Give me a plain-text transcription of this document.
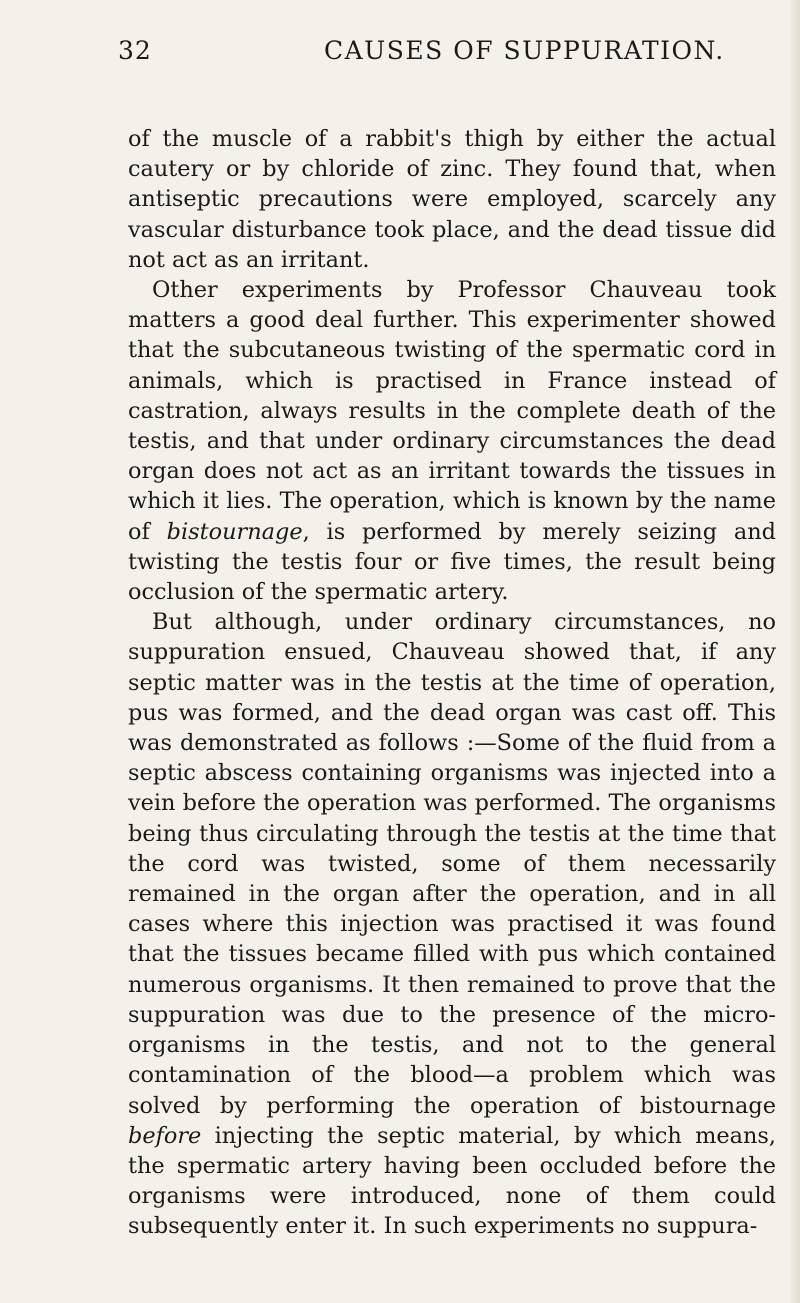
32	CAUSES OF SUPPURATION.

of the muscle of a rabbit's thigh by either the actual cautery or by chloride of zinc. They found that, when antiseptic precautions were employed, scarcely any vascular disturbance took place, and the dead tissue did not act as an irritant.

Other experiments by Professor Chauveau took matters a good deal further. This experimenter showed that the subcutaneous twisting of the spermatic cord in animals, which is practised in France instead of castration, always results in the complete death of the testis, and that under ordinary circumstances the dead organ does not act as an irritant towards the tissues in which it lies. The operation, which is known by the name of bistournage, is performed by merely seizing and twisting the testis four or five times, the result being occlusion of the spermatic artery.

But although, under ordinary circumstances, no suppuration ensued, Chauveau showed that, if any septic matter was in the testis at the time of operation, pus was formed, and the dead organ was cast off. This was demonstrated as follows :—Some of the fluid from a septic abscess containing organisms was injected into a vein before the operation was performed. The organisms being thus circulating through the testis at the time that the cord was twisted, some of them necessarily remained in the organ after the operation, and in all cases where this injection was practised it was found that the tissues became filled with pus which contained numerous organisms. It then remained to prove that the suppuration was due to the presence of the micro-organisms in the testis, and not to the general contamination of the blood—a problem which was solved by performing the operation of bistournage before injecting the septic material, by which means, the spermatic artery having been occluded before the organisms were introduced, none of them could subsequently enter it. In such experiments no suppura-
